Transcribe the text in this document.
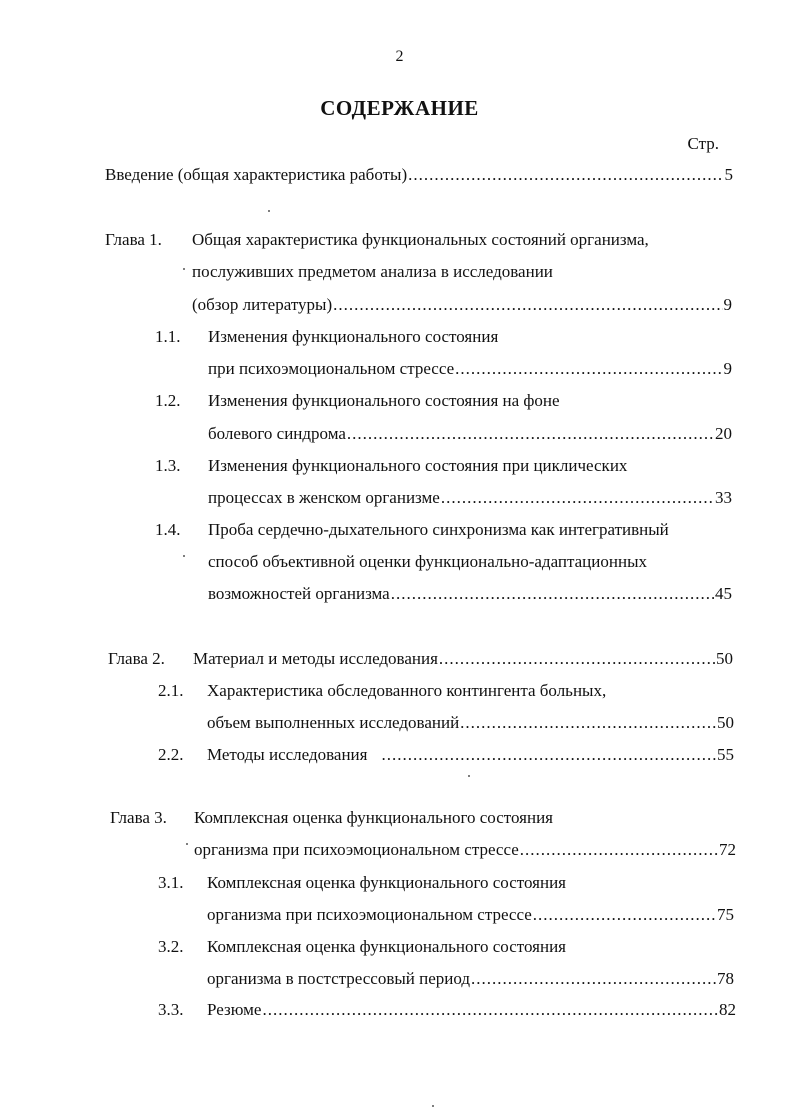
2
СОДЕРЖАНИЕ
Стр.
Введение (общая характеристика работы) .....	5
Глава 1. Общая характеристика функциональных состояний организма,
послуживших предметом анализа в исследовании
(обзор литературы) .....	9
1.1. Изменения функционального состояния
при психоэмоциональном стрессе .....	9
1.2. Изменения функционального состояния на фоне
болевого синдрома .....	20
1.3. Изменения функционального состояния при циклических
процессах в женском организме .....	33
1.4. Проба сердечно-дыхательного синхронизма как интегративный
способ объективной оценки функционально-адаптационных
возможностей организма .....	45
Глава 2. Материал и методы исследования .....	50
2.1. Характеристика обследованного контингента больных,
объем выполненных исследований .....	50
2.2. Методы исследования .....	55
Глава 3. Комплексная оценка функционального состояния
организма при психоэмоциональном стрессе .....	72
3.1. Комплексная оценка функционального состояния
организма при психоэмоциональном стрессе .....	75
3.2. Комплексная оценка функционального состояния
организма в постстрессовый период .....	78
3.3. Резюме .....	82
